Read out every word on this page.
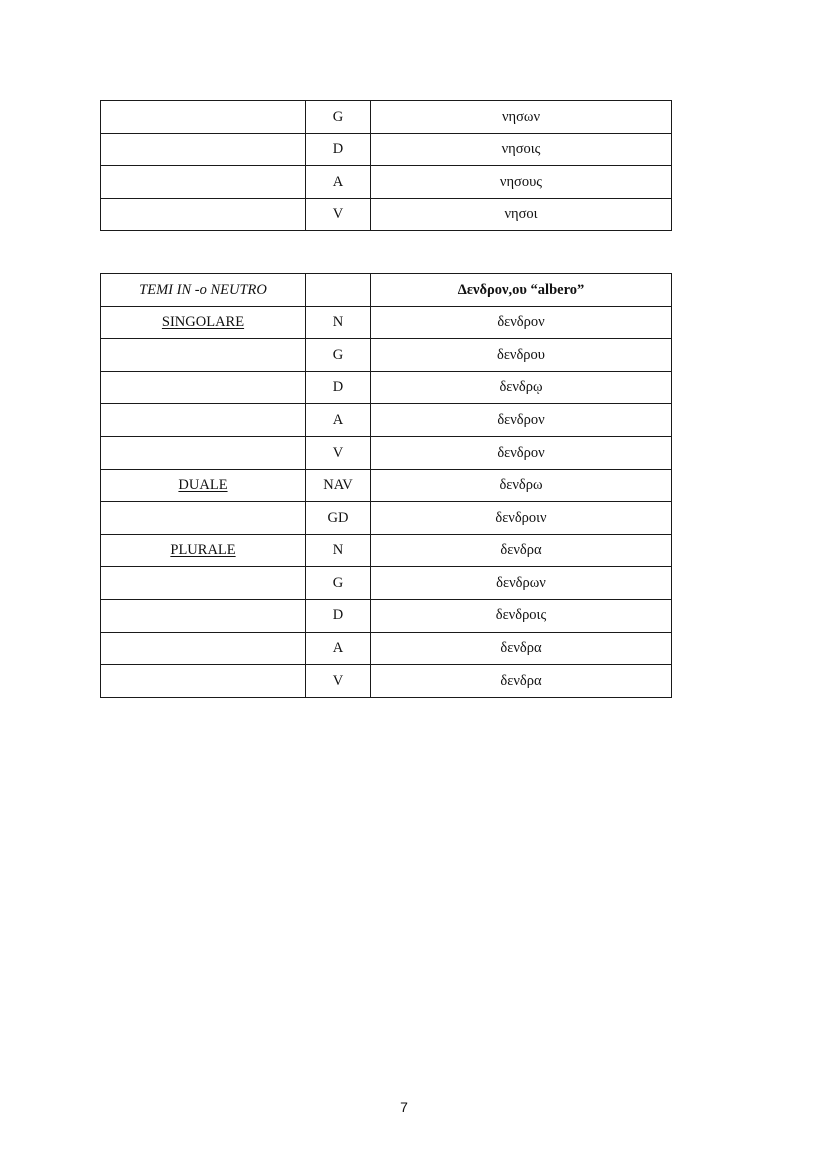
	G	νησων
	D	νησοις
	A	νησους
	V	νησοι
TEMI IN -o NEUTRO		Δενδρον,ου “albero”
SINGOLARE	N	δενδρον
	G	δενδρου
	D	δενδρῳ
	A	δενδρον
	V	δενδρον
DUALE	NAV	δενδρω
	GD	δενδροιν
PLURALE	N	δενδρα
	G	δενδρων
	D	δενδροις
	A	δενδρα
	V	δενδρα
7
